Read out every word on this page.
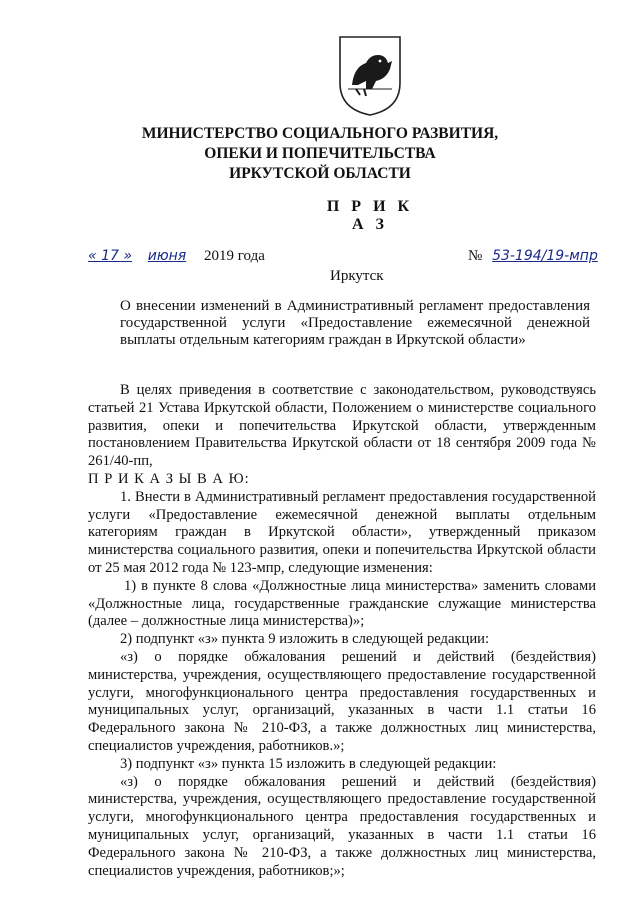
МИНИСТЕРСТВО СОЦИАЛЬНОГО РАЗВИТИЯ,
ОПЕКИ И ПОПЕЧИТЕЛЬСТВА
ИРКУТСКОЙ ОБЛАСТИ
П Р И К А З
« 17 » июня 2019 года	№ 53-194/19-мпр
Иркутск
О внесении изменений в Административный регламент предоставления государственной услуги «Предоставление ежемесячной денежной выплаты отдельным категориям граждан в Иркутской области»

В целях приведения в соответствие с законодательством, руководствуясь статьей 21 Устава Иркутской области, Положением о министерстве социального развития, опеки и попечительства Иркутской области, утвержденным постановлением Правительства Иркутской области от 18 сентября 2009 года № 261/40-пп,

П Р И К А З Ы В А Ю:

1. Внести в Административный регламент предоставления государственной услуги «Предоставление ежемесячной денежной выплаты отдельным категориям граждан в Иркутской области», утвержденный приказом министерства социального развития, опеки и попечительства Иркутской области от 25 мая 2012 года № 123-мпр, следующие изменения:

1) в пункте 8 слова «Должностные лица министерства» заменить словами «Должностные лица, государственные гражданские служащие министерства (далее – должностные лица министерства)»;

2) подпункт «з» пункта 9 изложить в следующей редакции:

«з) о порядке обжалования решений и действий (бездействия) министерства, учреждения, осуществляющего предоставление государственной услуги, многофункционального центра предоставления государственных и муниципальных услуг, организаций, указанных в части 1.1 статьи 16 Федерального закона № 210-ФЗ, а также должностных лиц министерства, специалистов учреждения, работников.»;

3) подпункт «з» пункта 15 изложить в следующей редакции:

«з) о порядке обжалования решений и действий (бездействия) министерства, учреждения, осуществляющего предоставление государственной услуги, многофункционального центра предоставления государственных и муниципальных услуг, организаций, указанных в части 1.1 статьи 16 Федерального закона № 210-ФЗ, а также должностных лиц министерства, специалистов учреждения, работников;»;
